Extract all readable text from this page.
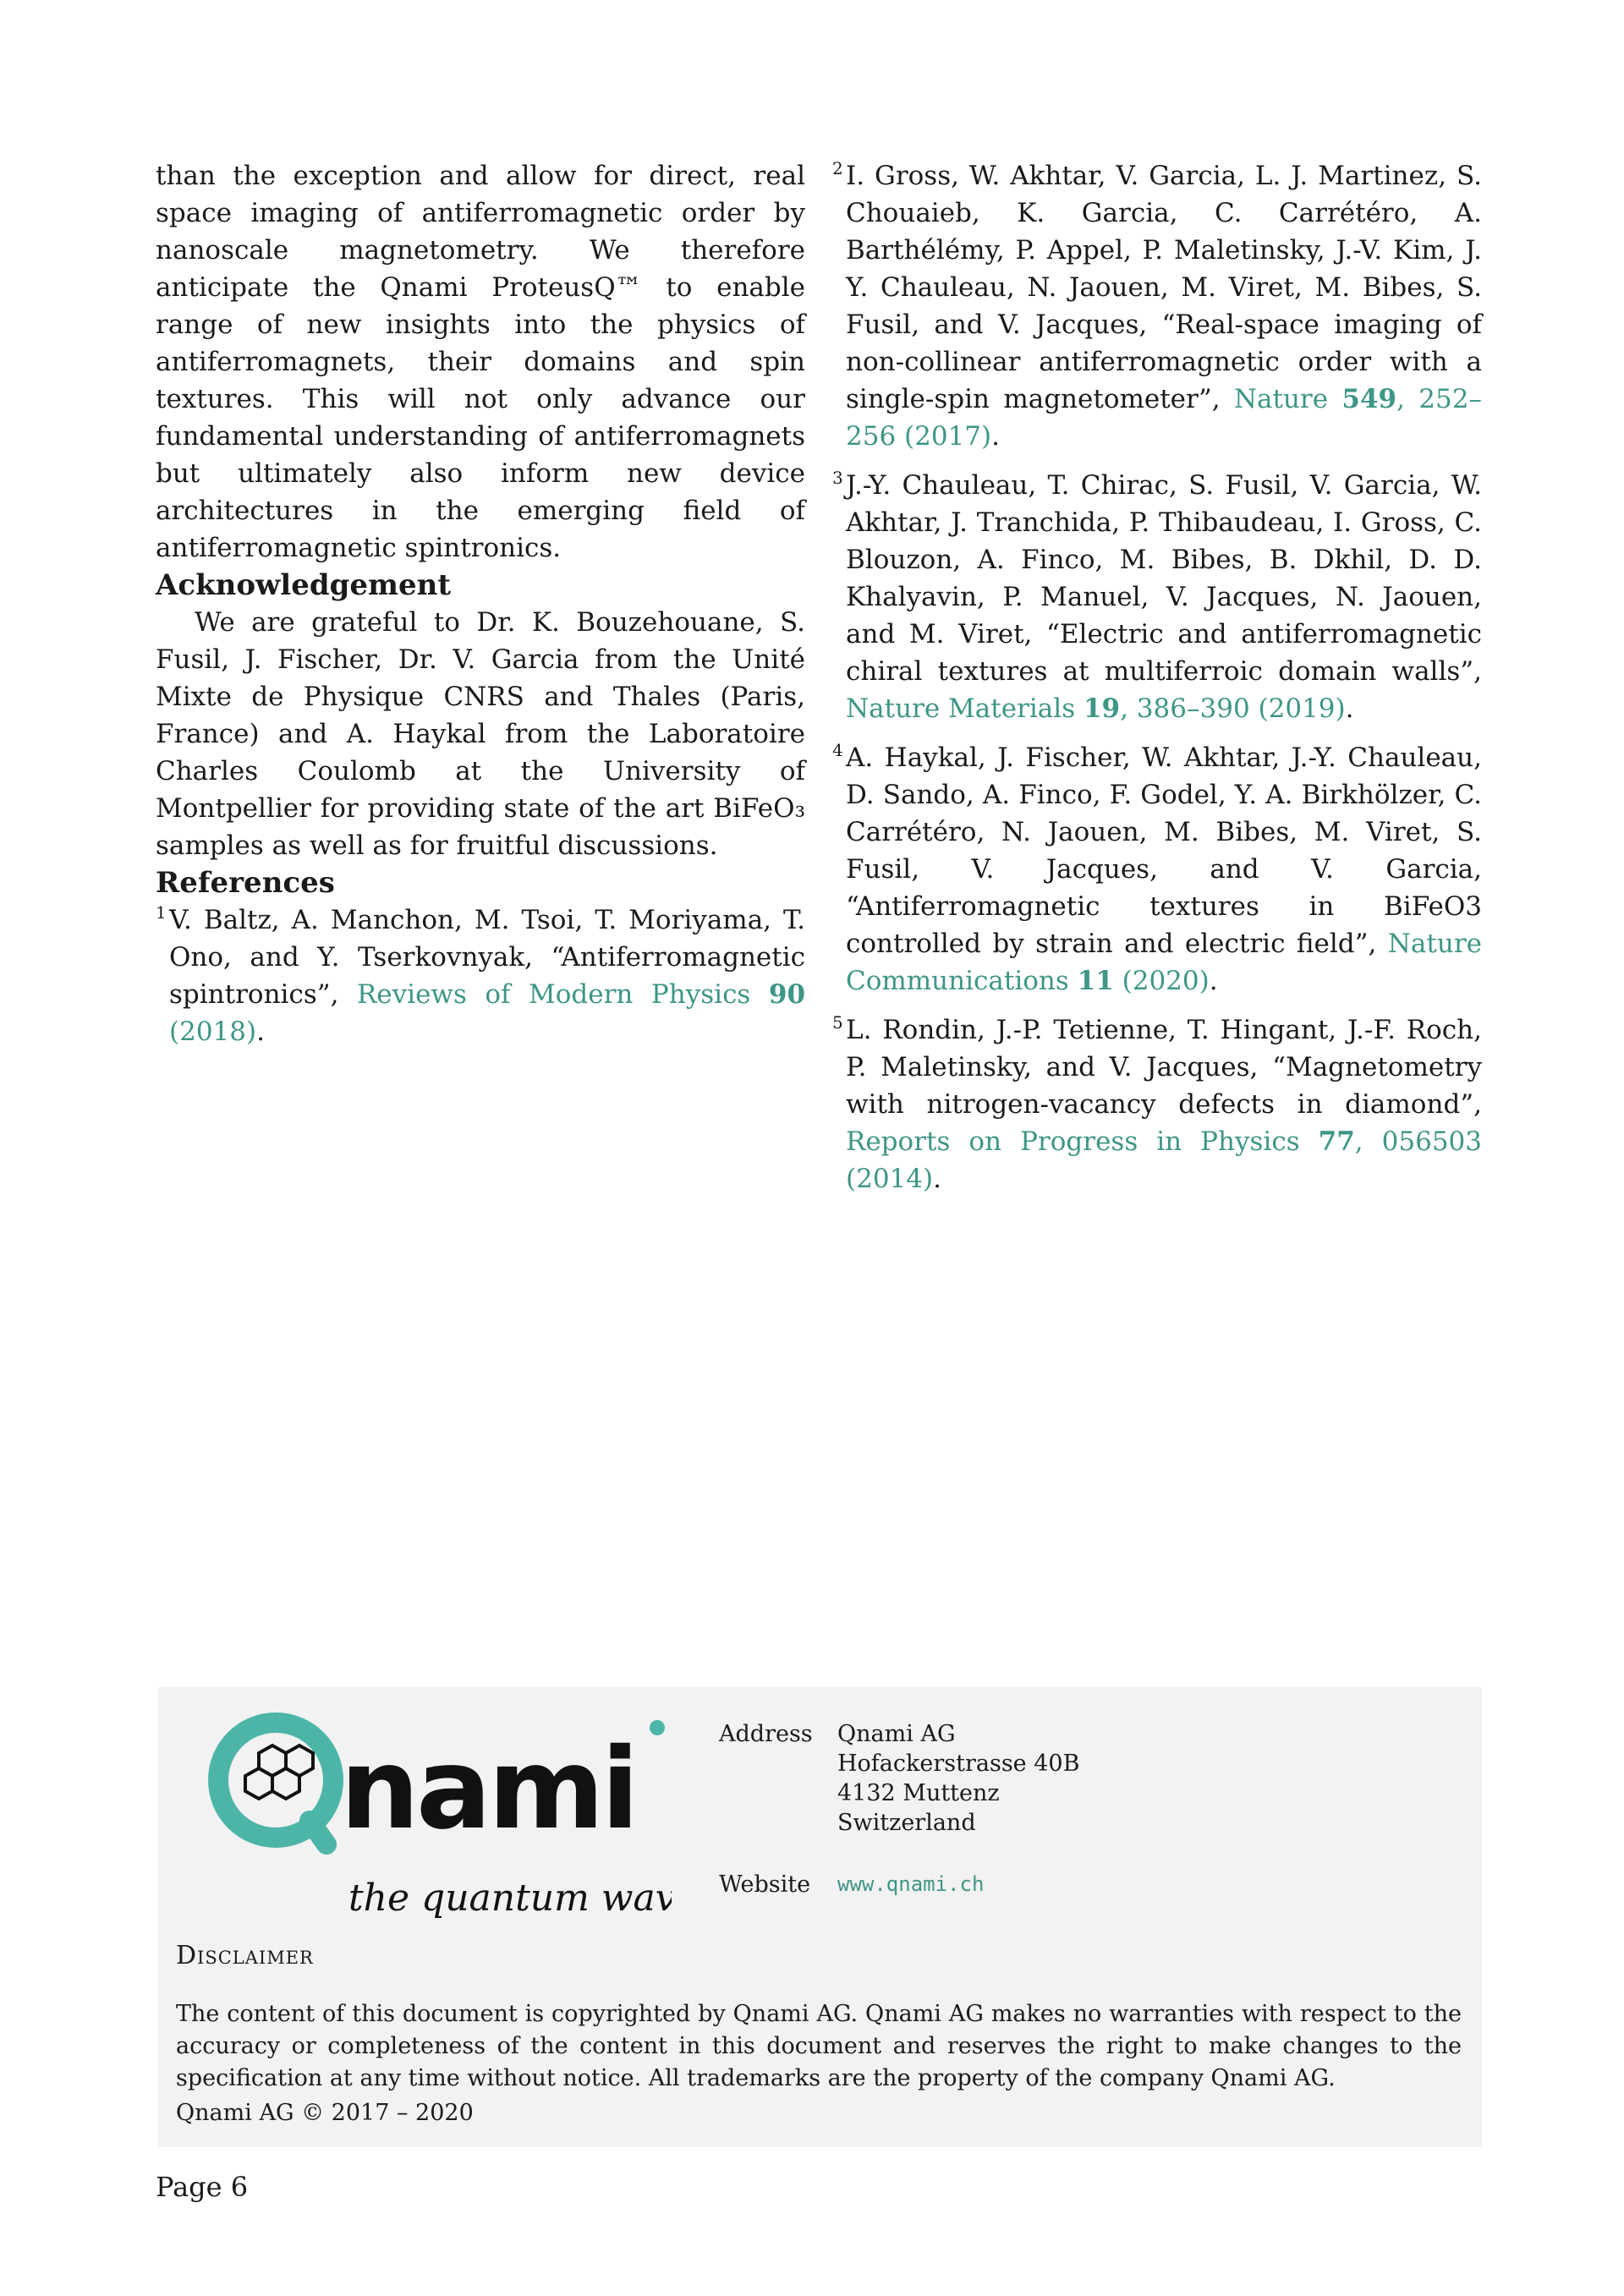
than the exception and allow for direct, real space imaging of antiferromagnetic order by nanoscale magnetometry. We therefore anticipate the Qnami ProteusQ™ to enable range of new insights into the physics of antiferromagnets, their domains and spin textures. This will not only advance our fundamental understanding of antiferromagnets but ultimately also inform new device architectures in the emerging field of antiferromagnetic spintronics.

Acknowledgement

We are grateful to Dr. K. Bouzehouane, S. Fusil, J. Fischer, Dr. V. Garcia from the Unité Mixte de Physique CNRS and Thales (Paris, France) and A. Haykal from the Laboratoire Charles Coulomb at the University of Montpellier for providing state of the art BiFeO₃ samples as well as for fruitful discussions.

References
1 V. Baltz, A. Manchon, M. Tsoi, T. Moriyama, T. Ono, and Y. Tserkovnyak, “Antiferromagnetic spintronics”, Reviews of Modern Physics 90 (2018).
2 I. Gross, W. Akhtar, V. Garcia, L. J. Martinez, S. Chouaieb, K. Garcia, C. Carrétéro, A. Barthélémy, P. Appel, P. Maletinsky, J.-V. Kim, J. Y. Chauleau, N. Jaouen, M. Viret, M. Bibes, S. Fusil, and V. Jacques, “Real-space imaging of non-collinear antiferromagnetic order with a single-spin magnetometer”, Nature 549, 252–256 (2017).
3 J.-Y. Chauleau, T. Chirac, S. Fusil, V. Garcia, W. Akhtar, J. Tranchida, P. Thibaudeau, I. Gross, C. Blouzon, A. Finco, M. Bibes, B. Dkhil, D. D. Khalyavin, P. Manuel, V. Jacques, N. Jaouen, and M. Viret, “Electric and antiferromagnetic chiral textures at multiferroic domain walls”, Nature Materials 19, 386–390 (2019).
4 A. Haykal, J. Fischer, W. Akhtar, J.-Y. Chauleau, D. Sando, A. Finco, F. Godel, Y. A. Birkhölzer, C. Carrétéro, N. Jaouen, M. Bibes, M. Viret, S. Fusil, V. Jacques, and V. Garcia, “Antiferromagnetic textures in BiFeO3 controlled by strain and electric field”, Nature Communications 11 (2020).
5 L. Rondin, J.-P. Tetienne, T. Hingant, J.-F. Roch, P. Maletinsky, and V. Jacques, “Magnetometry with nitrogen-vacancy defects in diamond”, Reports on Progress in Physics 77, 056503 (2014).
nami
the quantum wave
Address Qnami AG
Hofackerstrasse 40B
4132 Muttenz
Switzerland
Website www.qnami.ch
Disclaimer

The content of this document is copyrighted by Qnami AG. Qnami AG makes no warranties with respect to the accuracy or completeness of the content in this document and reserves the right to make changes to the specification at any time without notice. All trademarks are the property of the company Qnami AG.

Qnami AG © 2017 – 2020
Page 6
